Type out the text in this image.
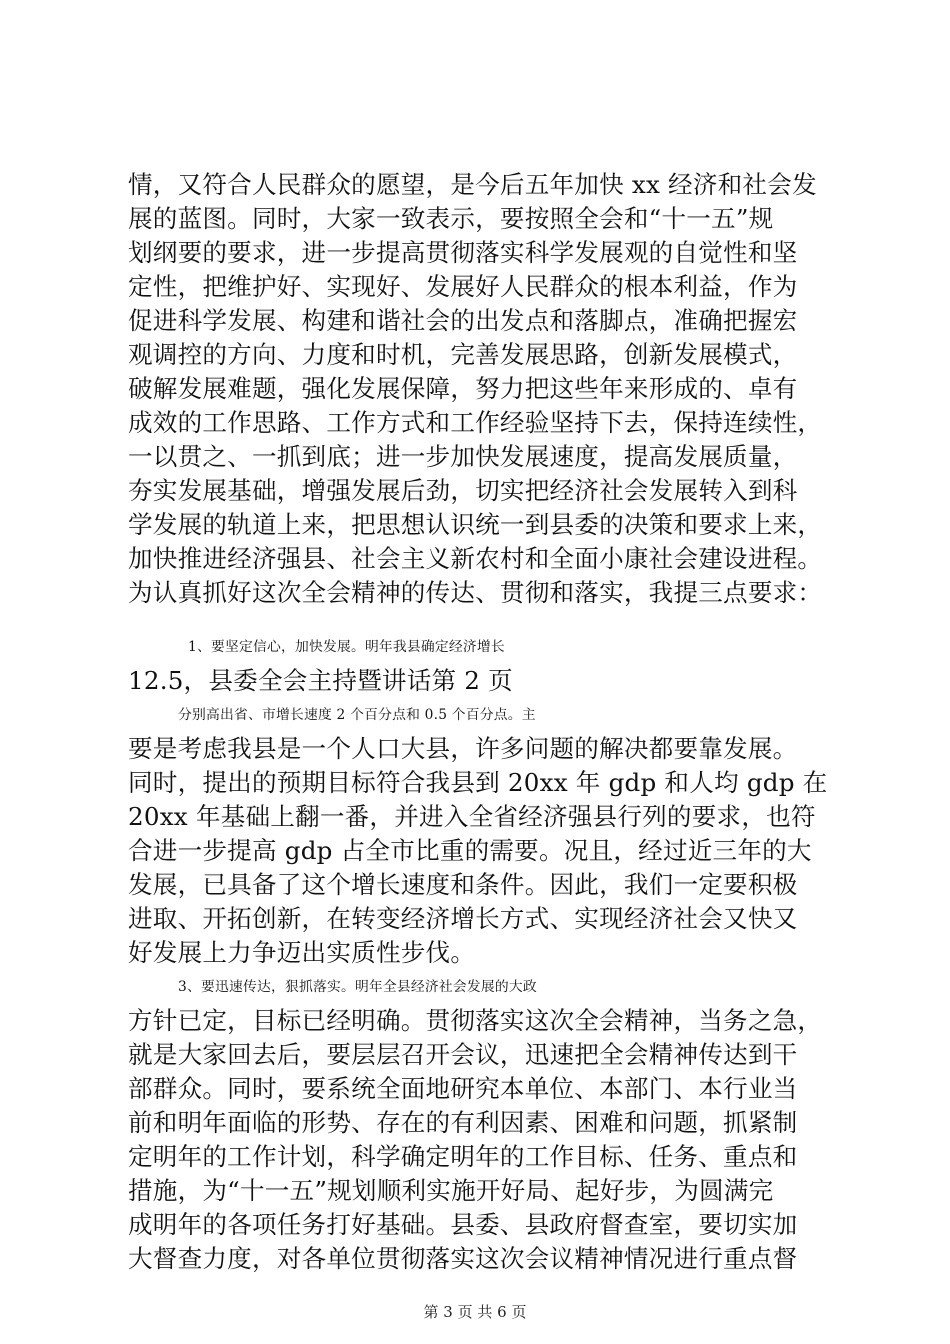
情，又符合人民群众的愿望，是今后五年加快 xx 经济和社会发
展的蓝图。同时，大家一致表示，要按照全会和“十一五”规
划纲要的要求，进一步提高贯彻落实科学发展观的自觉性和坚
定性，把维护好、实现好、发展好人民群众的根本利益，作为
促进科学发展、构建和谐社会的出发点和落脚点，准确把握宏
观调控的方向、力度和时机，完善发展思路，创新发展模式，
破解发展难题，强化发展保障，努力把这些年来形成的、卓有
成效的工作思路、工作方式和工作经验坚持下去，保持连续性，
一以贯之、一抓到底；进一步加快发展速度，提高发展质量，
夯实发展基础，增强发展后劲，切实把经济社会发展转入到科
学发展的轨道上来，把思想认识统一到县委的决策和要求上来，
加快推进经济强县、社会主义新农村和全面小康社会建设进程。
为认真抓好这次全会精神的传达、贯彻和落实，我提三点要求：
1、要坚定信心，加快发展。明年我县确定经济增长
12.5，县委全会主持暨讲话第 2 页
分别高出省、市增长速度 2 个百分点和 0.5 个百分点。主
要是考虑我县是一个人口大县，许多问题的解决都要靠发展。
同时，提出的预期目标符合我县到 20xx 年 gdp 和人均 gdp 在
20xx 年基础上翻一番，并进入全省经济强县行列的要求，也符
合进一步提高 gdp 占全市比重的需要。况且，经过近三年的大
发展，已具备了这个增长速度和条件。因此，我们一定要积极
进取、开拓创新，在转变经济增长方式、实现经济社会又快又
好发展上力争迈出实质性步伐。
3、要迅速传达，狠抓落实。明年全县经济社会发展的大政
方针已定，目标已经明确。贯彻落实这次全会精神，当务之急，
就是大家回去后，要层层召开会议，迅速把全会精神传达到干
部群众。同时，要系统全面地研究本单位、本部门、本行业当
前和明年面临的形势、存在的有利因素、困难和问题，抓紧制
定明年的工作计划，科学确定明年的工作目标、任务、重点和
措施，为“十一五”规划顺利实施开好局、起好步，为圆满完
成明年的各项任务打好基础。县委、县政府督查室，要切实加
大督查力度，对各单位贯彻落实这次会议精神情况进行重点督
第 3 页 共 6 页
